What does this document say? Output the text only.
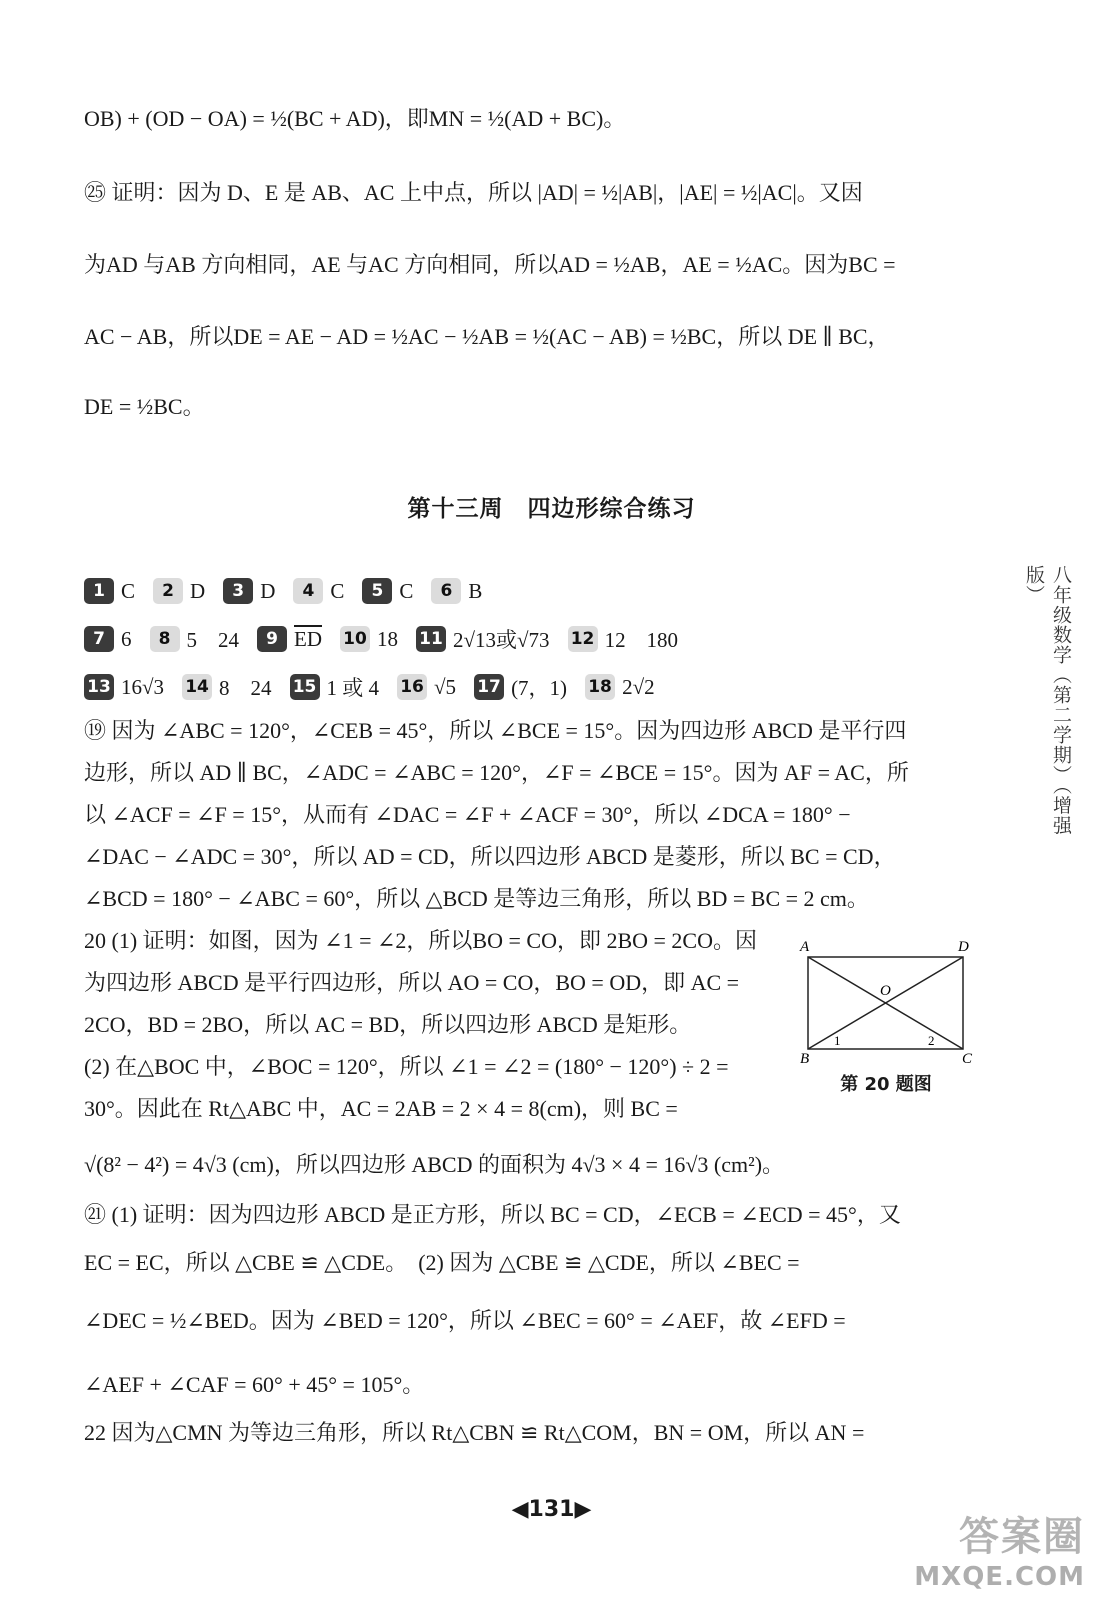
OB) + (OD − OA) = ½(BC + AD)，即MN = ½(AD + BC)。
㉕ 证明：因为 D、E 是 AB、AC 上中点，所以 |AD| = ½|AB|，|AE| = ½|AC|。又因
为AD 与AB 方向相同，AE 与AC 方向相同，所以AD = ½AB，AE = ½AC。因为BC =
AC − AB，所以DE = AE − AD = ½AC − ½AB = ½(AC − AB) = ½BC，所以 DE ∥ BC，
DE = ½BC。
第十三周　四边形综合练习
1 C	2 D	3 D	4 C	5 C	6 B
7 6	8 5　24	9 $\overline{ED}$ 10 18 11 2√13或√73 12 12　180
13 16√3 14 8　24 15 1 或 4 16 √5 17 (7，1) 18 2√2
⑲ 因为 ∠ABC = 120°，∠CEB = 45°，所以 ∠BCE = 15°。因为四边形 ABCD 是平行四
边形，所以 AD ∥ BC，∠ADC = ∠ABC = 120°，∠F = ∠BCE = 15°。因为 AF = AC，所
以 ∠ACF = ∠F = 15°，从而有 ∠DAC = ∠F + ∠ACF = 30°，所以 ∠DCA = 180° −
∠DAC − ∠ADC = 30°，所以 AD = CD，所以四边形 ABCD 是菱形，所以 BC = CD，
∠BCD = 180° − ∠ABC = 60°，所以 △BCD 是等边三角形，所以 BD = BC = 2 cm。
20 (1) 证明：如图，因为 ∠1 = ∠2，所以BO = CO，即 2BO = 2CO。因
为四边形 ABCD 是平行四边形，所以 AO = CO，BO = OD，即 AC =
2CO，BD = 2BO，所以 AC = BD，所以四边形 ABCD 是矩形。
(2) 在△BOC 中，∠BOC = 120°，所以 ∠1 = ∠2 = (180° − 120°) ÷ 2 =
30°。因此在 Rt△ABC 中，AC = 2AB = 2 × 4 = 8(cm)，则 BC =
√(8² − 4²) = 4√3 (cm)，所以四边形 ABCD 的面积为 4√3 × 4 = 16√3 (cm²)。
A	D
B	C
O
1	2
第 20 题图
㉑ (1) 证明：因为四边形 ABCD 是正方形，所以 BC = CD，∠ECB = ∠ECD = 45°，又
EC = EC，所以 △CBE ≌ △CDE。　(2) 因为 △CBE ≌ △CDE，所以 ∠BEC =
∠DEC = ½∠BED。因为 ∠BED = 120°，所以 ∠BEC = 60° = ∠AEF，故 ∠EFD =
∠AEF + ∠CAF = 60° + 45° = 105°。
22 因为△CMN 为等边三角形，所以 Rt△CBN ≌ Rt△COM，BN = OM，所以 AN =
八年级数学（第二学期）（增强版）
◀131▶
答案圈
MXQE.COM
